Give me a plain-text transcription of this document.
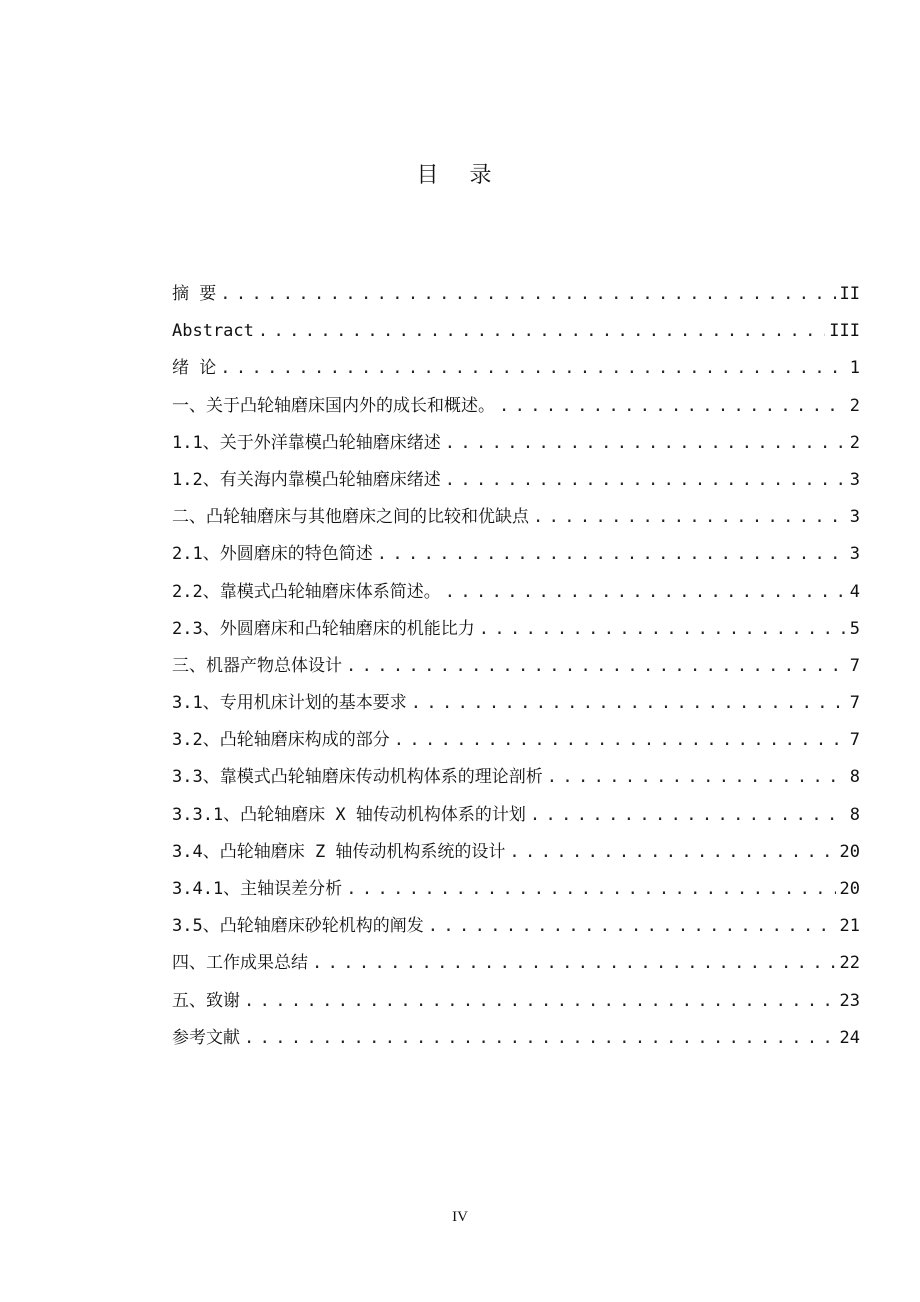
目 录
摘 要 .....	II
Abstract .....	III
绪 论 .....	1
一、关于凸轮轴磨床国内外的成长和概述。 .....	2
1.1、关于外洋靠模凸轮轴磨床绪述 .....	2
1.2、有关海内靠模凸轮轴磨床绪述 .....	3
二、凸轮轴磨床与其他磨床之间的比较和优缺点 .....	3
2.1、外圆磨床的特色简述 .....	3
2.2、靠模式凸轮轴磨床体系简述。 .....	4
2.3、外圆磨床和凸轮轴磨床的机能比力 .....	5
三、机器产物总体设计 .....	7
3.1、专用机床计划的基本要求 .....	7
3.2、凸轮轴磨床构成的部分 .....	7
3.3、靠模式凸轮轴磨床传动机构体系的理论剖析 .....	8
3.3.1、凸轮轴磨床 X 轴传动机构体系的计划 .....	8
3.4、凸轮轴磨床 Z 轴传动机构系统的设计 .....	20
3.4.1、主轴误差分析 .....	20
3.5、凸轮轴磨床砂轮机构的阐发 .....	21
四、工作成果总结 .....	22
五、致谢 .....	23
参考文献 .....	24
IV
